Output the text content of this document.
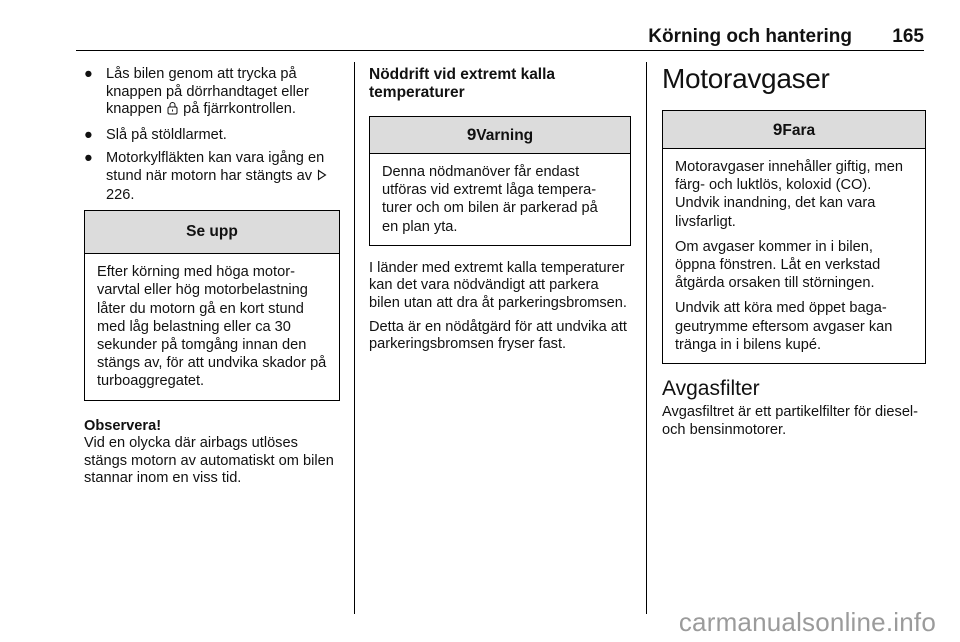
Körning och hantering 165
● Lås bilen genom att trycka på knappen på dörrhandtaget eller knappen på fjärrkontrollen.
● Slå på stöldlarmet.
● Motorkylfläkten kan vara igång en stund när motorn har stängts av  226.
Se upp

Efter körning med höga motorvarvtal eller hög motorbelastning låter du motorn gå en kort stund med låg belastning eller ca 30 sekunder på tomgång innan den stängs av, för att undvika skador på turboaggregatet.

Observera!
Vid en olycka där airbags utlöses stängs motorn av automatiskt om bilen stannar inom en viss tid.
Nöddrift vid extremt kalla temperaturer
9Varning

Denna nödmanöver får endast utföras vid extremt låga temperaturer och om bilen är parkerad på en plan yta.

I länder med extremt kalla temperaturer kan det vara nödvändigt att parkera bilen utan att dra åt parkeringsbromsen.

Detta är en nödåtgärd för att undvika att parkeringsbromsen fryser fast.

Motoravgaser
9Fara

Motoravgaser innehåller giftig, men färg- och luktlös, koloxid (CO). Undvik inandning, det kan vara livsfarligt.

Om avgaser kommer in i bilen, öppna fönstren. Låt en verkstad åtgärda orsaken till störningen.

Undvik att köra med öppet bagageutrymme eftersom avgaser kan tränga in i bilens kupé.

Avgasfilter

Avgasfiltret är ett partikelfilter för diesel- och bensinmotorer.

carmanualsonline.info
